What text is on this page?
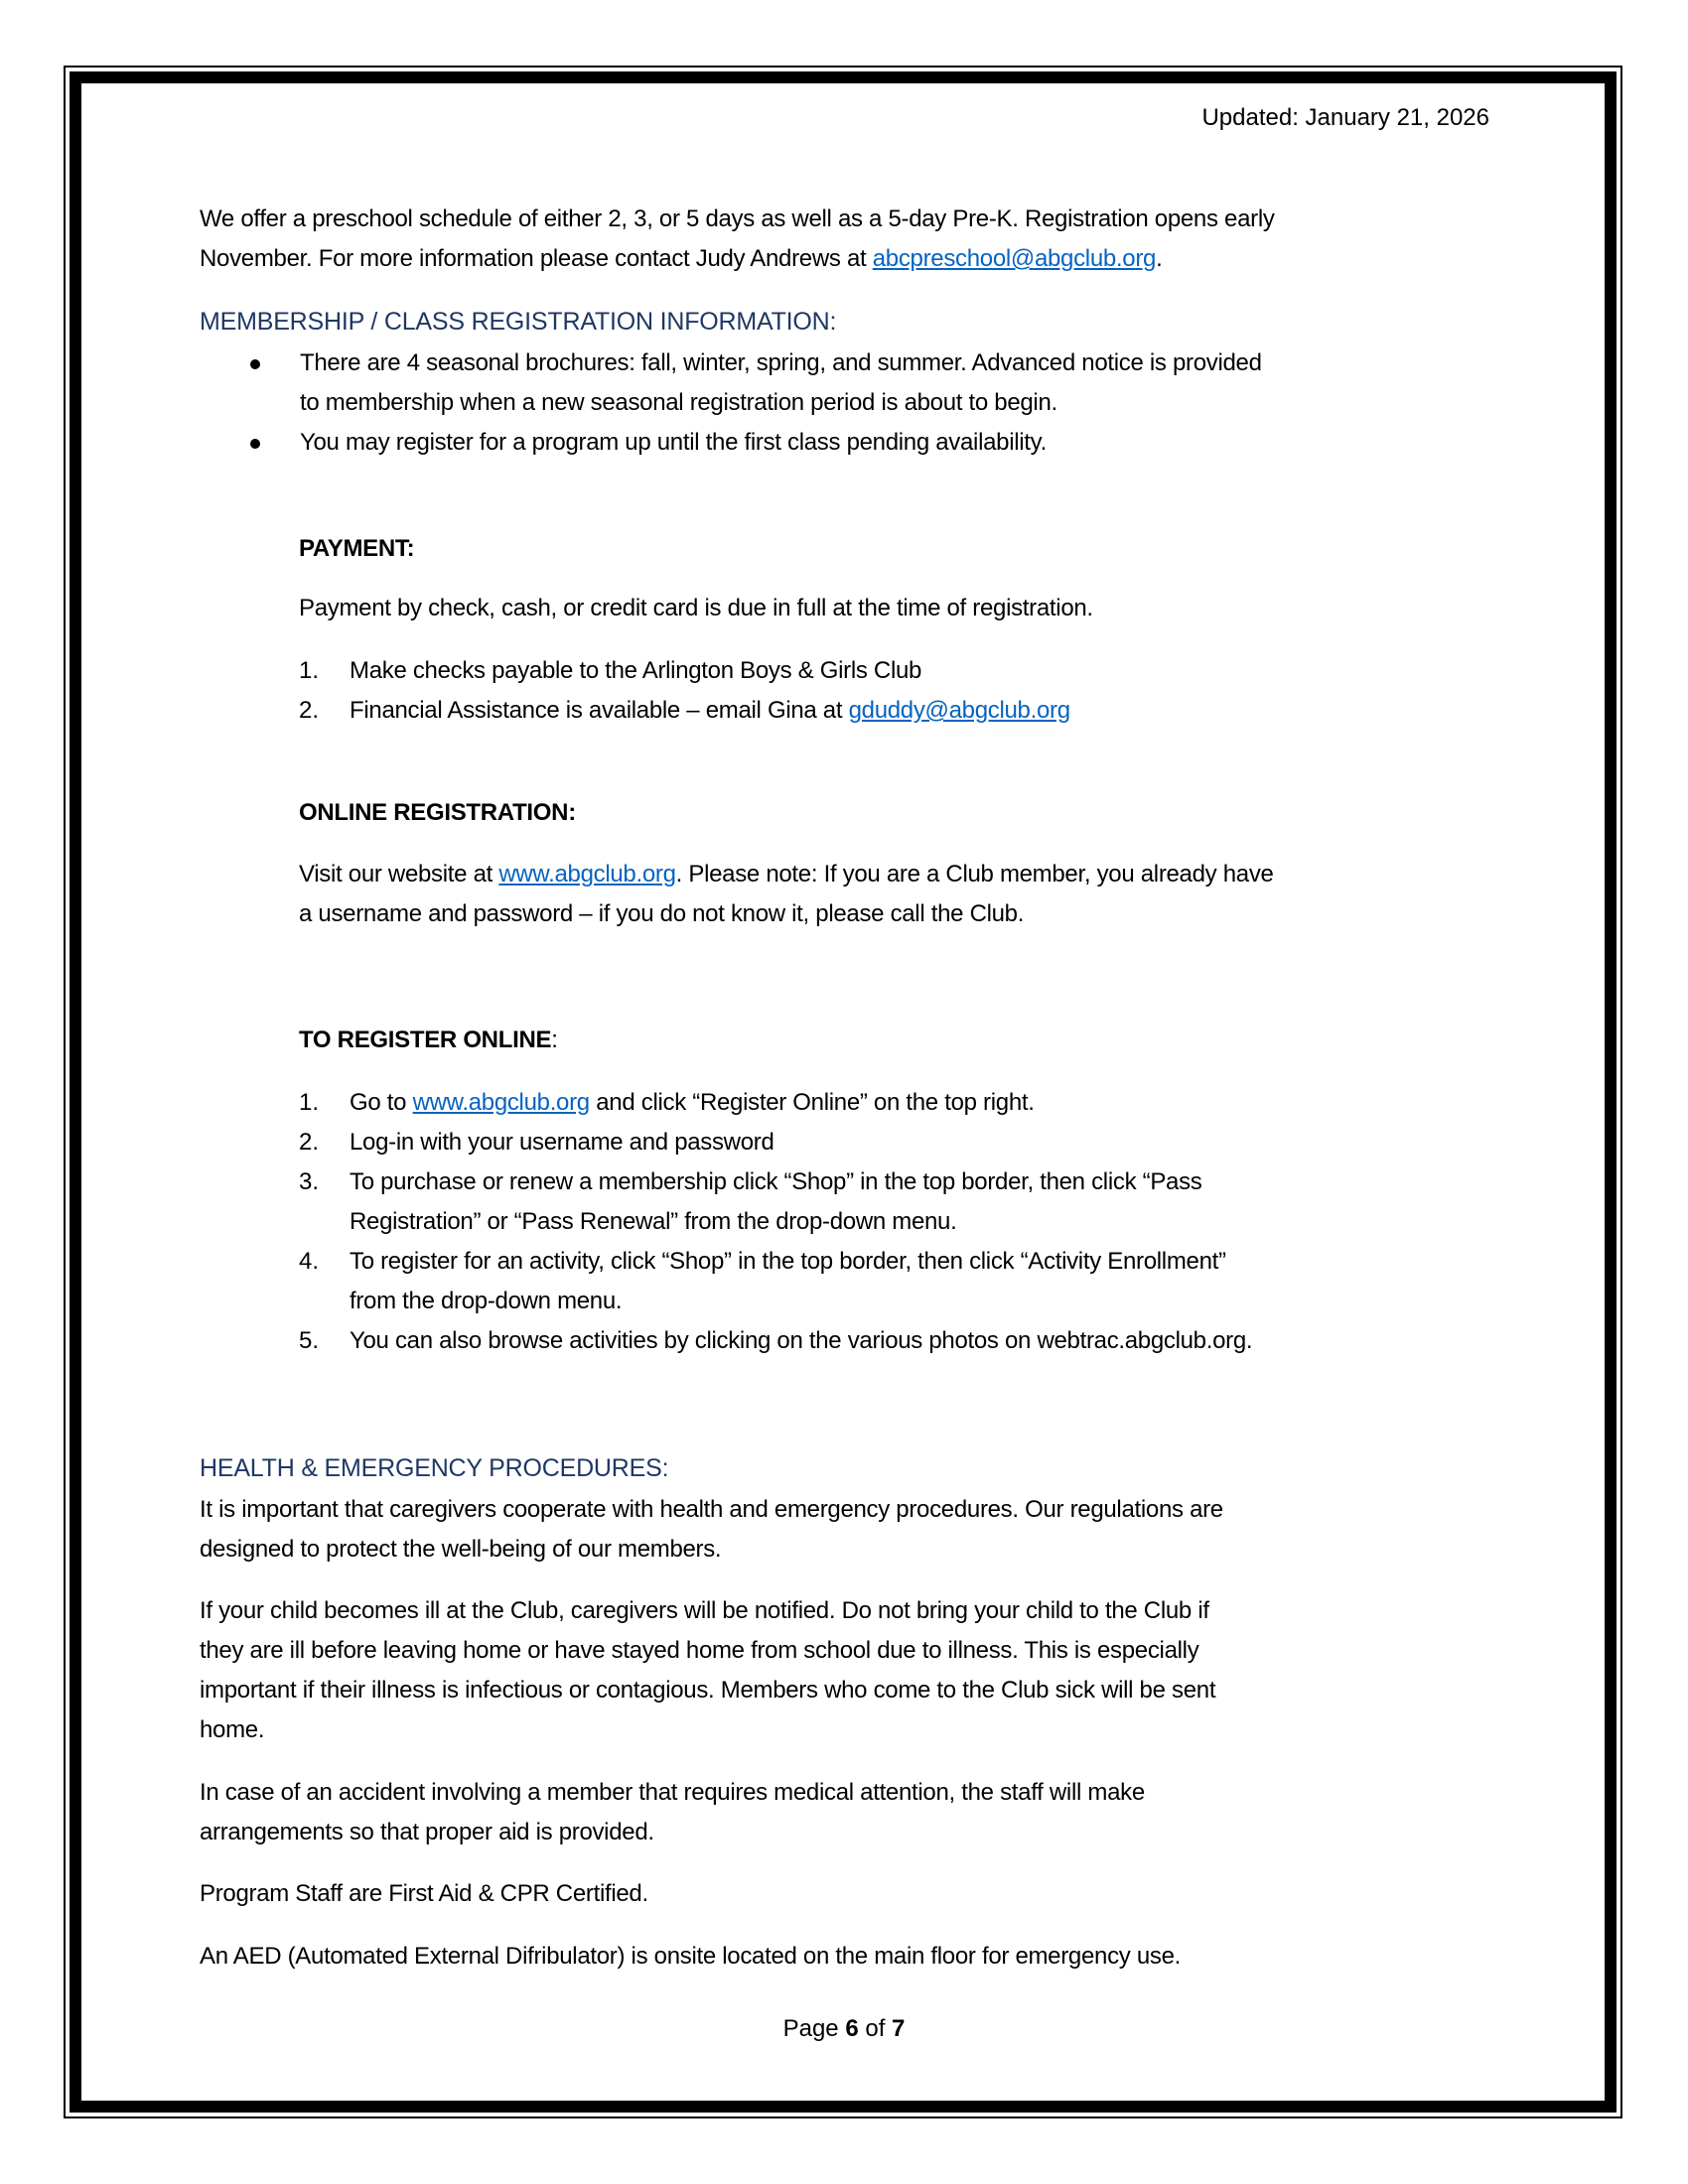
Updated: January 21, 2026
We offer a preschool schedule of either 2, 3, or 5 days as well as a 5-day Pre-K. Registration opens early
November. For more information please contact Judy Andrews at abcpreschool@abgclub.org.
MEMBERSHIP / CLASS REGISTRATION INFORMATION:
There are 4 seasonal brochures: fall, winter, spring, and summer. Advanced notice is provided
to membership when a new seasonal registration period is about to begin.
You may register for a program up until the first class pending availability.
PAYMENT:
Payment by check, cash, or credit card is due in full at the time of registration.
1. Make checks payable to the Arlington Boys & Girls Club
2. Financial Assistance is available – email Gina at gduddy@abgclub.org
ONLINE REGISTRATION:
Visit our website at www.abgclub.org. Please note: If you are a Club member, you already have
a username and password – if you do not know it, please call the Club.
TO REGISTER ONLINE:
1. Go to www.abgclub.org and click “Register Online” on the top right.
2. Log-in with your username and password
3. To purchase or renew a membership click “Shop” in the top border, then click “Pass
Registration” or “Pass Renewal” from the drop-down menu.
4. To register for an activity, click “Shop” in the top border, then click “Activity Enrollment”
from the drop-down menu.
5. You can also browse activities by clicking on the various photos on webtrac.abgclub.org.
HEALTH & EMERGENCY PROCEDURES:
It is important that caregivers cooperate with health and emergency procedures. Our regulations are
designed to protect the well-being of our members.
If your child becomes ill at the Club, caregivers will be notified. Do not bring your child to the Club if
they are ill before leaving home or have stayed home from school due to illness. This is especially
important if their illness is infectious or contagious. Members who come to the Club sick will be sent
home.
In case of an accident involving a member that requires medical attention, the staff will make
arrangements so that proper aid is provided.
Program Staff are First Aid & CPR Certified.
An AED (Automated External Difribulator) is onsite located on the main floor for emergency use.
Page 6 of 7
